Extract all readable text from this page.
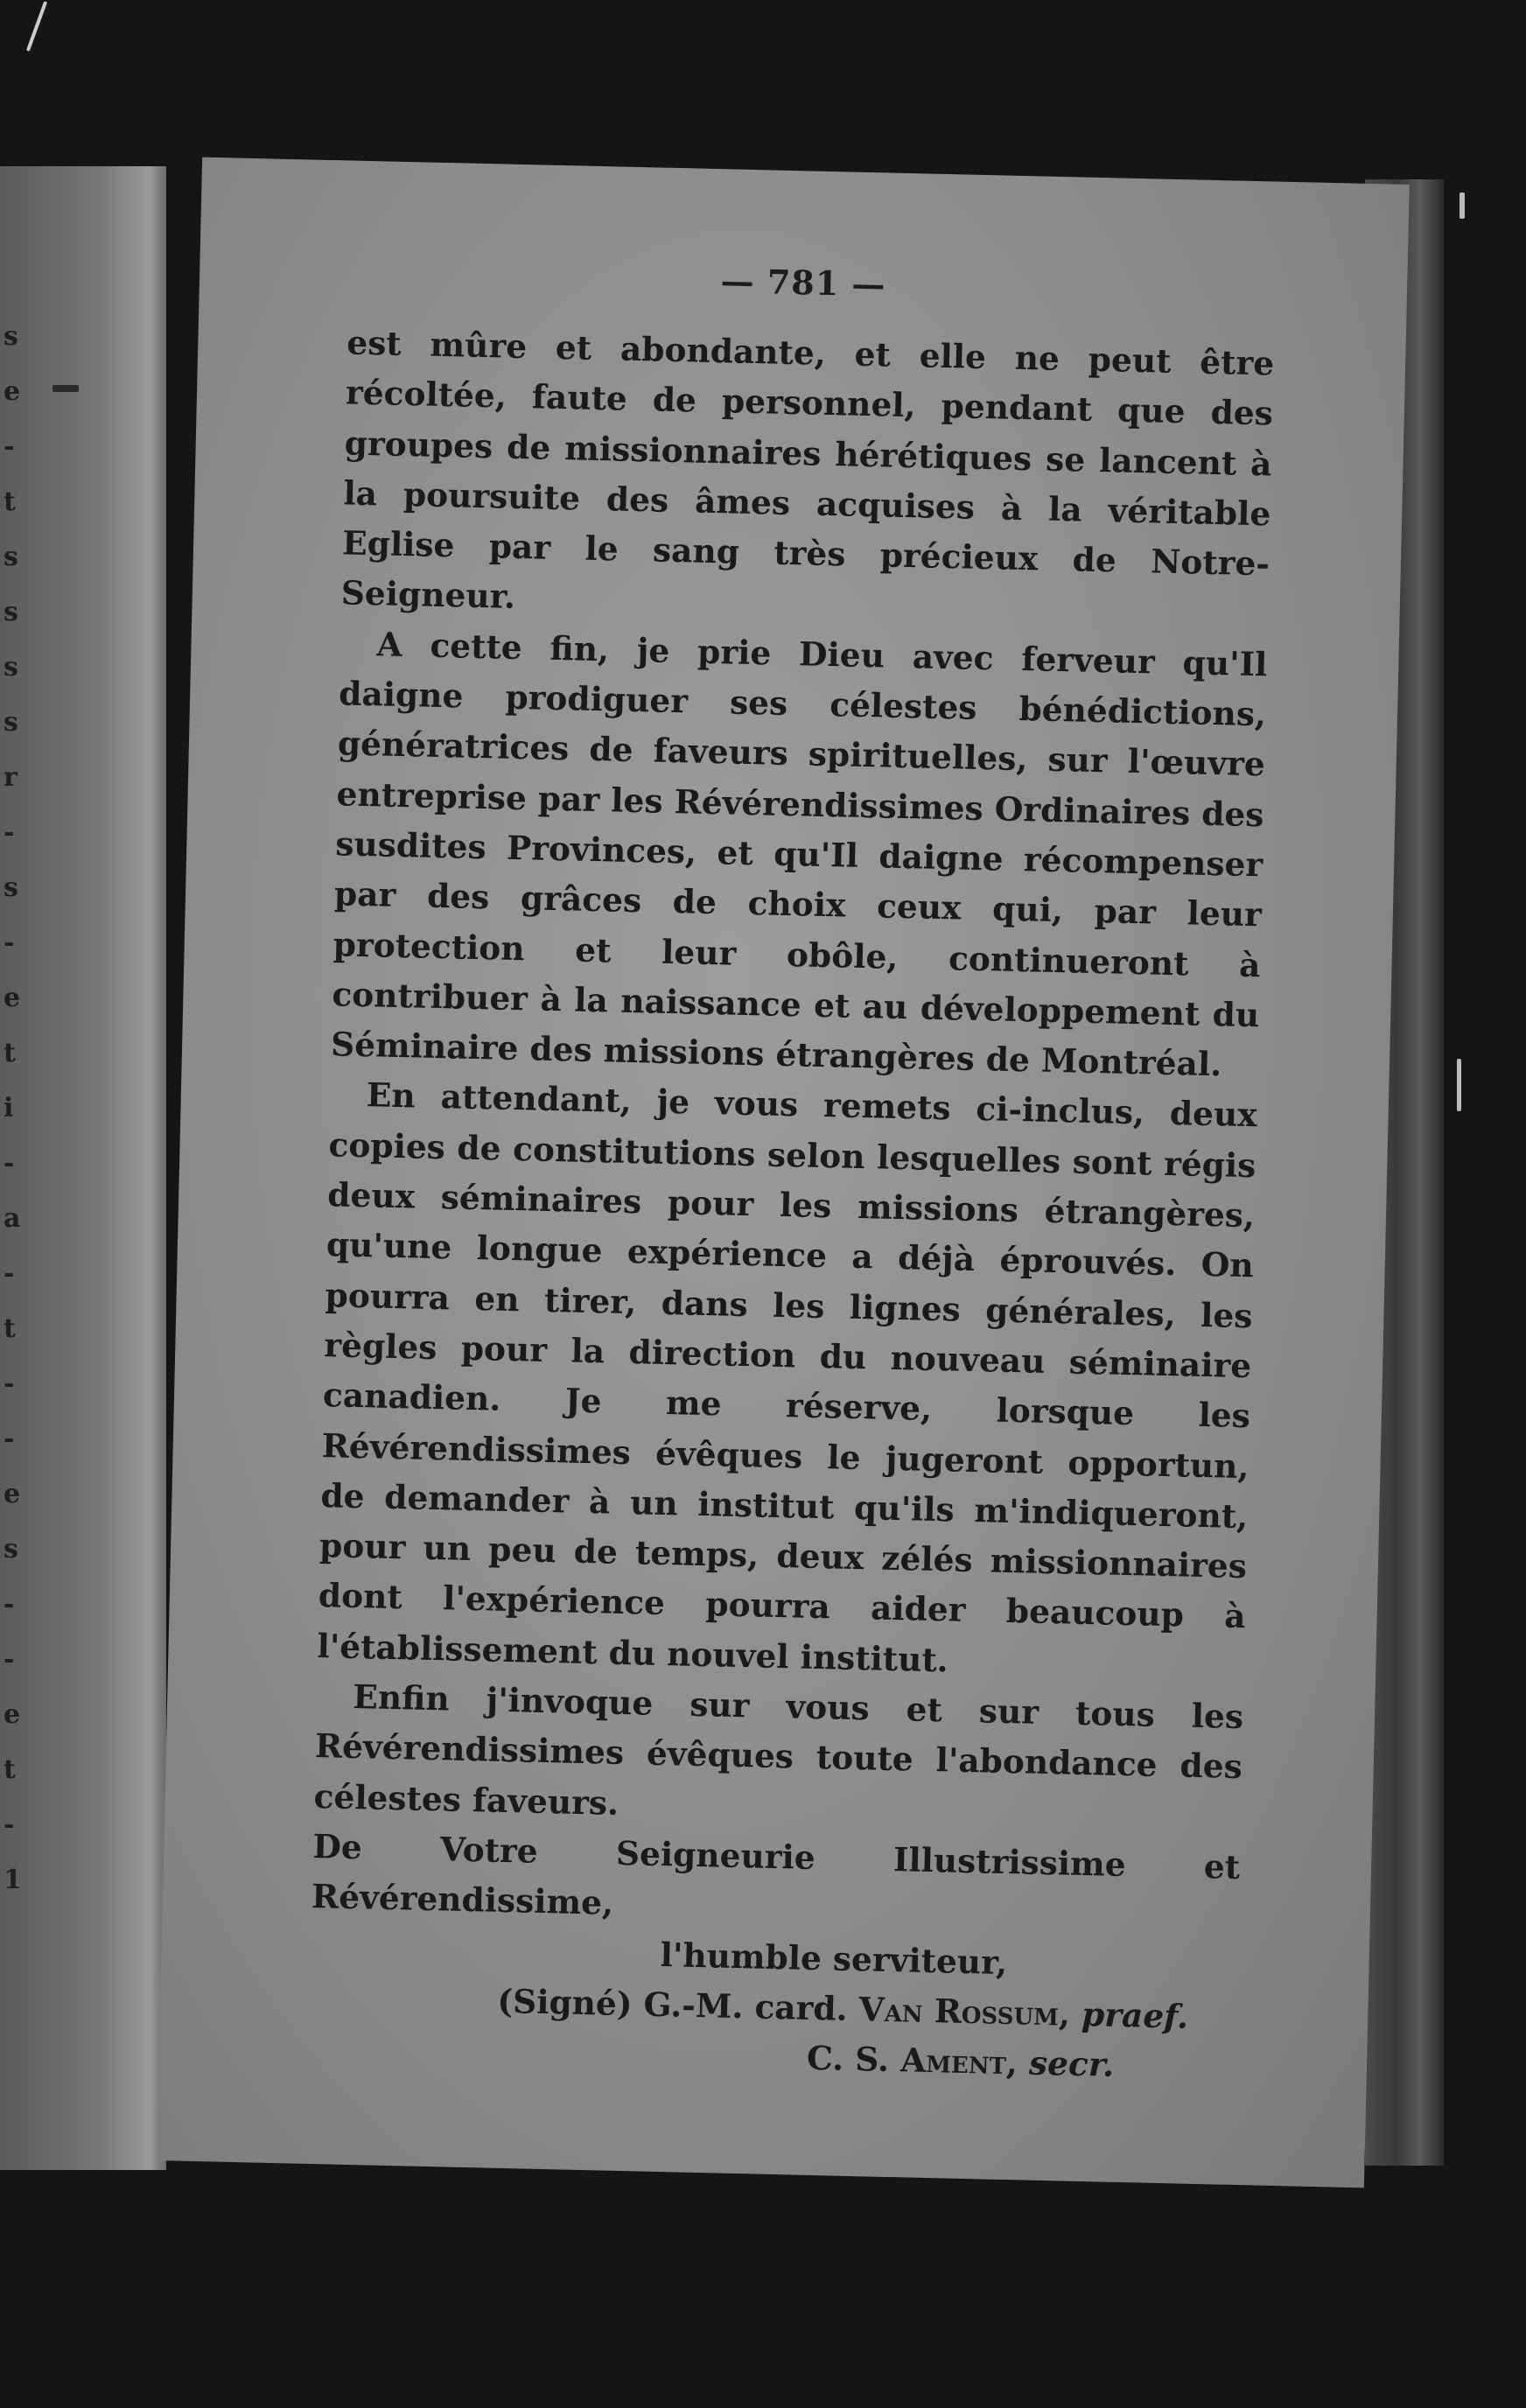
s
e
-
t
s
s
s
s
r
-
s
-
e
t
i
-
a
-
t
-
-
e
s
-
-
e
t
-
1
— 781 —

est mûre et abondante, et elle ne peut être récoltée, faute de personnel, pendant que des groupes de missionnaires hérétiques se lancent à la poursuite des âmes acquises à la véritable Eglise par le sang très précieux de Notre-Seigneur.

A cette fin, je prie Dieu avec ferveur qu'Il daigne prodiguer ses célestes bénédictions, génératrices de faveurs spirituelles, sur l'œuvre entreprise par les Révérendissimes Ordinaires des susdites Provinces, et qu'Il daigne récompenser par des grâces de choix ceux qui, par leur protection et leur obôle, continueront à contribuer à la naissance et au développement du Séminaire des missions étrangères de Montréal.

En attendant, je vous remets ci-inclus, deux copies de constitutions selon lesquelles sont régis deux séminaires pour les missions étrangères, qu'une longue expérience a déjà éprouvés. On pourra en tirer, dans les lignes générales, les règles pour la direction du nouveau séminaire canadien. Je me réserve, lorsque les Révérendissimes évêques le jugeront opportun, de demander à un institut qu'ils m'indiqueront, pour un peu de temps, deux zélés missionnaires dont l'expérience pourra aider beaucoup à l'établissement du nouvel institut.

Enfin j'invoque sur vous et sur tous les Révérendissimes évêques toute l'abondance des célestes faveurs.

De Votre Seigneurie Illustrissime et Révérendissime,

l'humble serviteur,

(Signé) G.-M. card. Van Rossum, praef.

C. S. Ament, secr.
